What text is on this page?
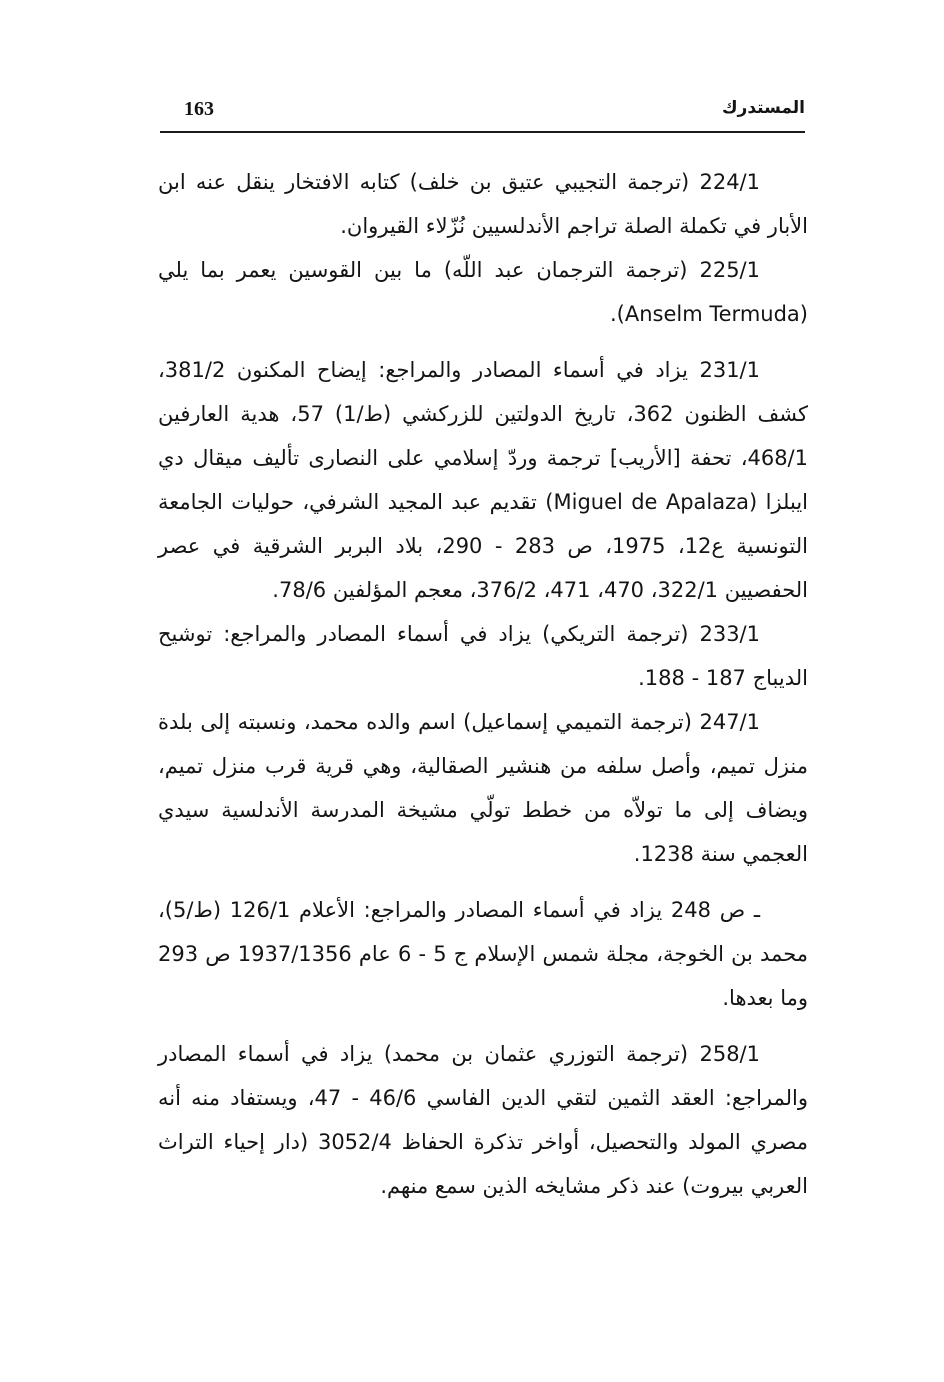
163	المستدرك

224/1 (ترجمة التجيبي عتيق بن خلف) كتابه الافتخار ينقل عنه ابن الأبار في تكملة الصلة تراجم الأندلسيين نُزّلاء القيروان.

225/1 (ترجمة الترجمان عبد اللّه) ما بين القوسين يعمر بما يلي (Anselm Termuda).

231/1 يزاد في أسماء المصادر والمراجع: إيضاح المكنون 381/2، كشف الظنون 362، تاريخ الدولتين للزركشي (ط/1) 57، هدية العارفين 468/1، تحفة [الأريب] ترجمة وردّ إسلامي على النصارى تأليف ميقال دي ايبلزا (Miguel de Apalaza) تقديم عبد المجيد الشرفي، حوليات الجامعة التونسية ع12، 1975، ص 283 - 290، بلاد البربر الشرقية في عصر الحفصيين 322/1، 470، 471، 376/2، معجم المؤلفين 78/6.

233/1 (ترجمة التريكي) يزاد في أسماء المصادر والمراجع: توشيح الديباج 187 - 188.

247/1 (ترجمة التميمي إسماعيل) اسم والده محمد، ونسبته إلى بلدة منزل تميم، وأصل سلفه من هنشير الصقالية، وهي قرية قرب منزل تميم، ويضاف إلى ما تولاّه من خطط تولّي مشيخة المدرسة الأندلسية سيدي العجمي سنة 1238.

ـ ص 248 يزاد في أسماء المصادر والمراجع: الأعلام 126/1 (ط/5)، محمد بن الخوجة، مجلة شمس الإسلام ج 5 - 6 عام 1937/1356 ص 293 وما بعدها.

258/1 (ترجمة التوزري عثمان بن محمد) يزاد في أسماء المصادر والمراجع: العقد الثمين لتقي الدين الفاسي 46/6 - 47، ويستفاد منه أنه مصري المولد والتحصيل، أواخر تذكرة الحفاظ 3052/4 (دار إحياء التراث العربي بيروت) عند ذكر مشايخه الذين سمع منهم.
